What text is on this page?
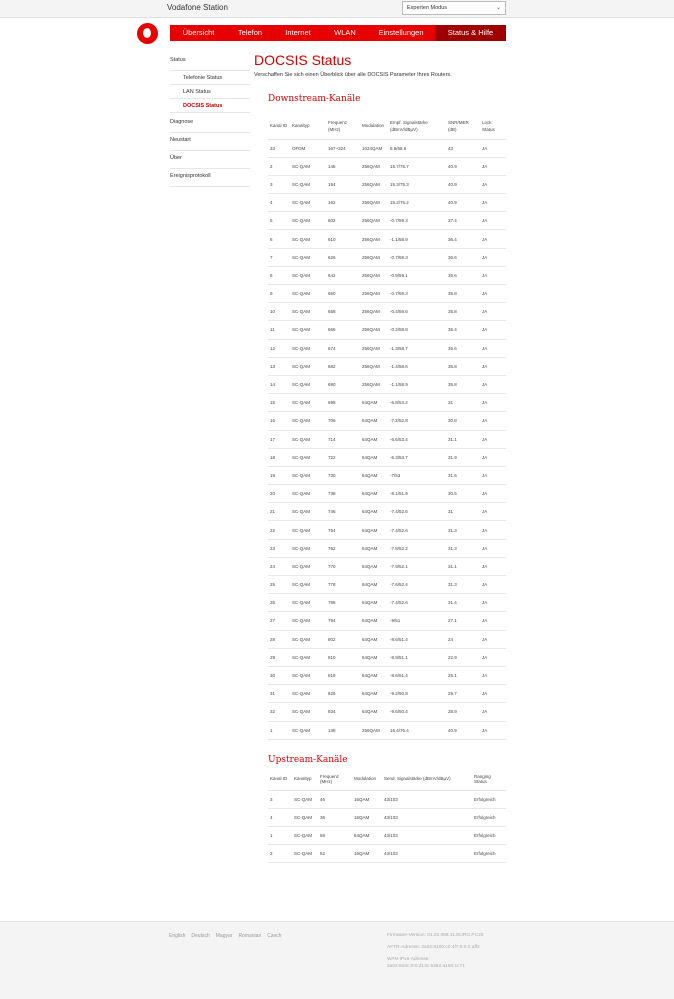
Vodafone Station	Experten Modus	⌄
Übersicht	Telefon	Internet	WLAN	Einstellungen	Status & Hilfe
Status
Telefonie Status
LAN Status
DOCSIS Status
Diagnose
Neustart
Über
Ereignisprotokoll
DOCSIS Status
Verschaffen Sie sich einen Überblick über alle DOCSIS Parameter Ihres Routers.
Downstream-Kanäle
Kanal ID	Kanaltyp	Frequenz (MHz)	Modulation	Empf. Signalstärke (dBmV/dBµV)	SNR/MER (dB)	Lock Status
33	OFDM	167~324	1024QAM	8.6/68.6	43	JA
2	SC-QAM	146	256QAM	15.7/75.7	40.9	JA
3	SC-QAM	154	256QAM	15.3/75.3	40.9	JA
4	SC-QAM	162	256QAM	15.2/75.2	40.9	JA
5	SC-QAM	602	256QAM	-0.7/59.3	37.4	JA
6	SC-QAM	610	256QAM	-1.1/58.9	36.4	JA
7	SC-QAM	626	256QAM	-0.7/59.3	36.6	JA
8	SC-QAM	642	256QAM	-0.9/59.1	35.6	JA
9	SC-QAM	650	256QAM	-0.7/59.3	35.8	JA
10	SC-QAM	658	256QAM	-0.4/59.6	35.8	JA
11	SC-QAM	666	256QAM	-0.2/59.8	36.4	JA
12	SC-QAM	674	256QAM	-1.3/58.7	35.6	JA
13	SC-QAM	682	256QAM	-1.4/58.6	35.8	JA
14	SC-QAM	690	256QAM	-1.1/58.9	35.8	JA
15	SC-QAM	698	64QAM	-6.8/53.2	31	JA
16	SC-QAM	706	64QAM	-7.2/52.8	30.8	JA
17	SC-QAM	714	64QAM	-6.6/53.4	31.1	JA
18	SC-QAM	722	64QAM	-6.3/53.7	31.9	JA
19	SC-QAM	730	64QAM	-7/53	31.6	JA
20	SC-QAM	738	64QAM	-8.1/51.9	30.5	JA
21	SC-QAM	746	64QAM	-7.4/52.6	31	JA
22	SC-QAM	754	64QAM	-7.4/52.6	31.3	JA
23	SC-QAM	762	64QAM	-7.8/52.2	31.3	JA
24	SC-QAM	770	64QAM	-7.9/52.1	31.1	JA
25	SC-QAM	778	64QAM	-7.6/52.4	31.3	JA
26	SC-QAM	786	64QAM	-7.4/52.6	31.4	JA
27	SC-QAM	794	64QAM	-9/51	27.1	JA
28	SC-QAM	802	64QAM	-8.6/51.4	24	JA
29	SC-QAM	810	64QAM	-8.9/51.1	22.9	JA
30	SC-QAM	818	64QAM	-8.6/51.4	25.1	JA
31	SC-QAM	826	64QAM	-9.2/50.8	29.7	JA
32	SC-QAM	834	64QAM	-9.6/50.4	28.9	JA
1	SC-QAM	138	256QAM	16.4/76.4	40.9	JA
Upstream-Kanäle
Kanal ID	Kanaltyp	Frequenz (MHz)	Modulation	Send. Signalstärke (dBmV/dBµV)	Ranging Status
3	SC-QAM	46	16QAM	43/103	Erfolgreich
4	SC-QAM	36	16QAM	43/103	Erfolgreich
1	SC-QAM	59	64QAM	43/103	Erfolgreich
2	SC-QAM	52	16QAM	43/103	Erfolgreich
English Deutsch Magyar Romanian Czech	Firmware-Version: 01.02.068.11.EURO.PC20
AFTR-Adresse: 2a02:8100:c0:4f7:0:0:2:aff2
WAN-IPv6-Adresse:
2a02:810c:0:0:d13c:5362:a150:1c71
